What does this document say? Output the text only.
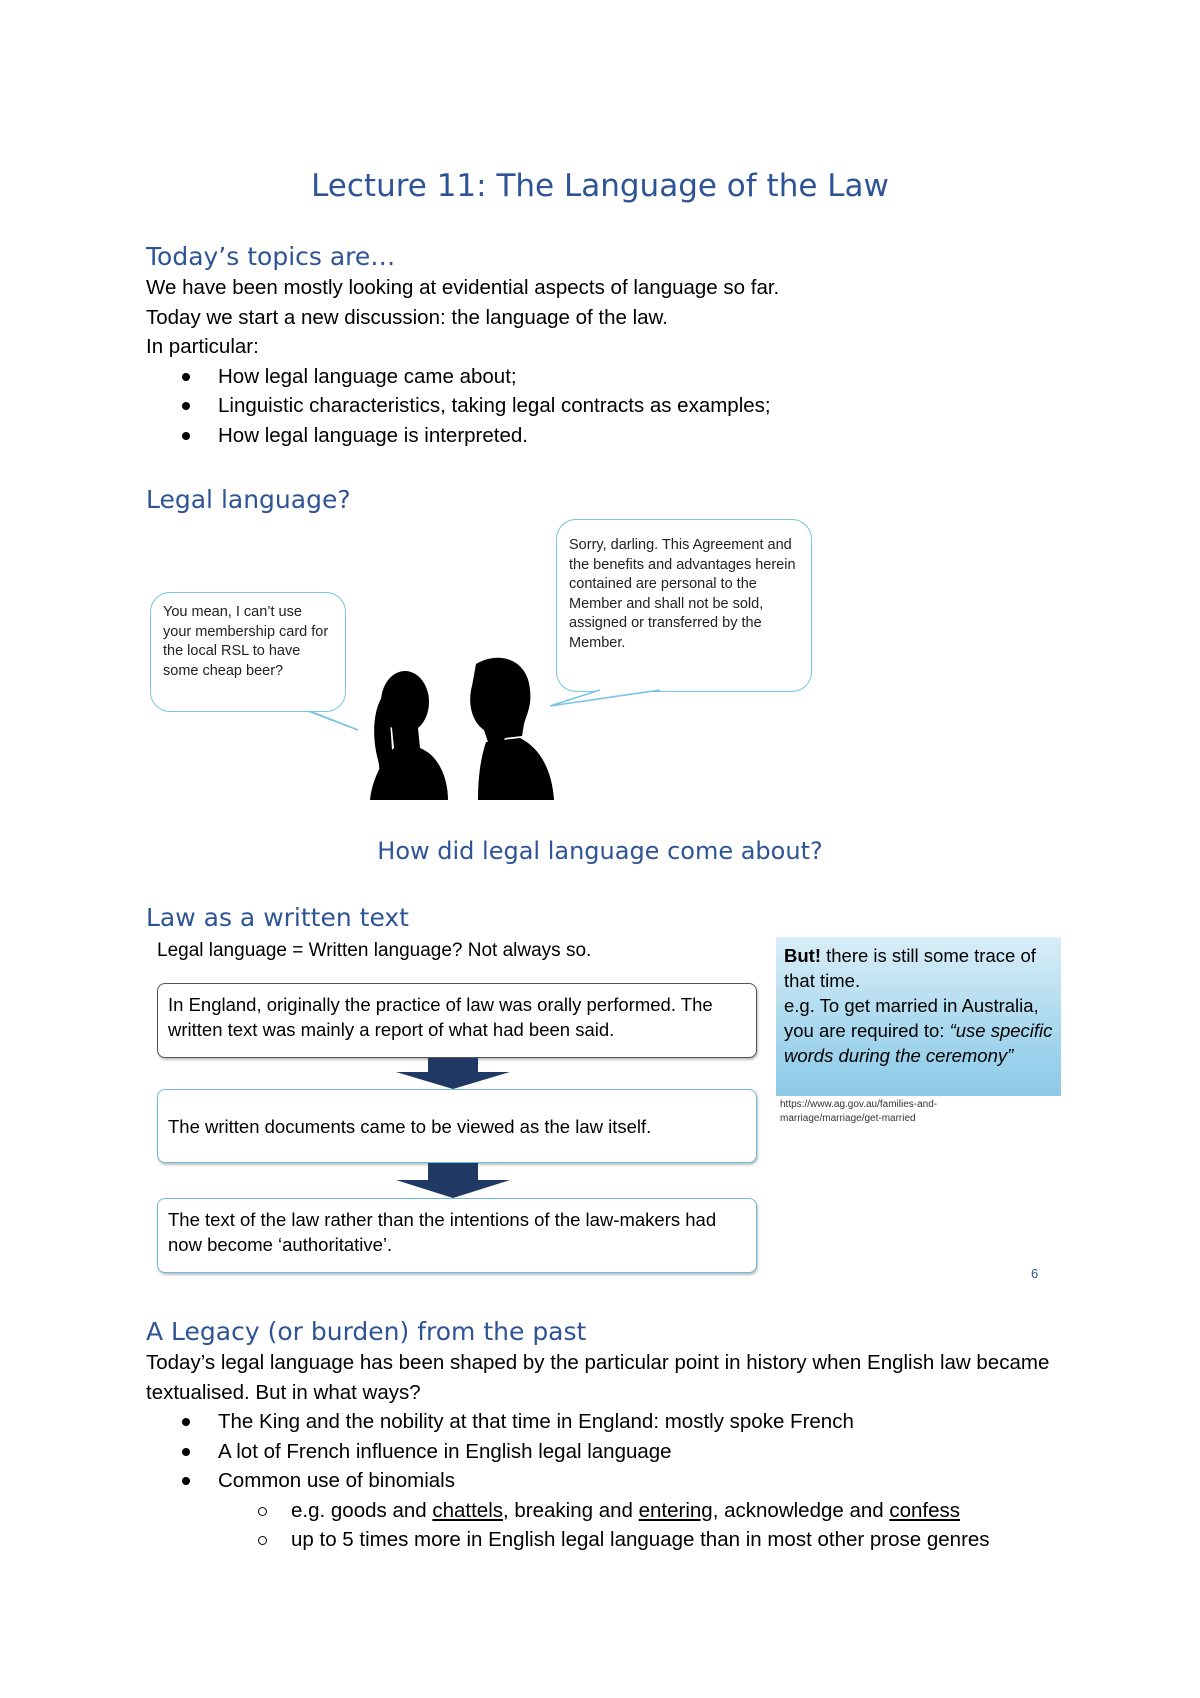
Lecture 11: The Language of the Law
Today’s topics are…
We have been mostly looking at evidential aspects of language so far.
Today we start a new discussion: the language of the law.
In particular:
How legal language came about;
Linguistic characteristics, taking legal contracts as examples;
How legal language is interpreted.
Legal language?
You mean, I can’t use your membership card for the local RSL to have some cheap beer?
Sorry, darling. This Agreement and the benefits and advantages herein contained are personal to the Member and shall not be sold, assigned or transferred by the Member.
How did legal language come about?
Law as a written text
Legal language = Written language? Not always so.
In England, originally the practice of law was orally performed. The written text was mainly a report of what had been said.
The written documents came to be viewed as the law itself.
The text of the law rather than the intentions of the law-makers had now become ‘authoritative’.
But! there is still some trace of that time.
e.g. To get married in Australia, you are required to: “use specific words during the ceremony”
https://www.ag.gov.au/families-and-marriage/marriage/get-married
6
A Legacy (or burden) from the past
Today’s legal language has been shaped by the particular point in history when English law became textualised. But in what ways?
The King and the nobility at that time in England: mostly spoke French
A lot of French influence in English legal language
Common use of binomials
e.g. goods and chattels, breaking and entering, acknowledge and confess
up to 5 times more in English legal language than in most other prose genres
